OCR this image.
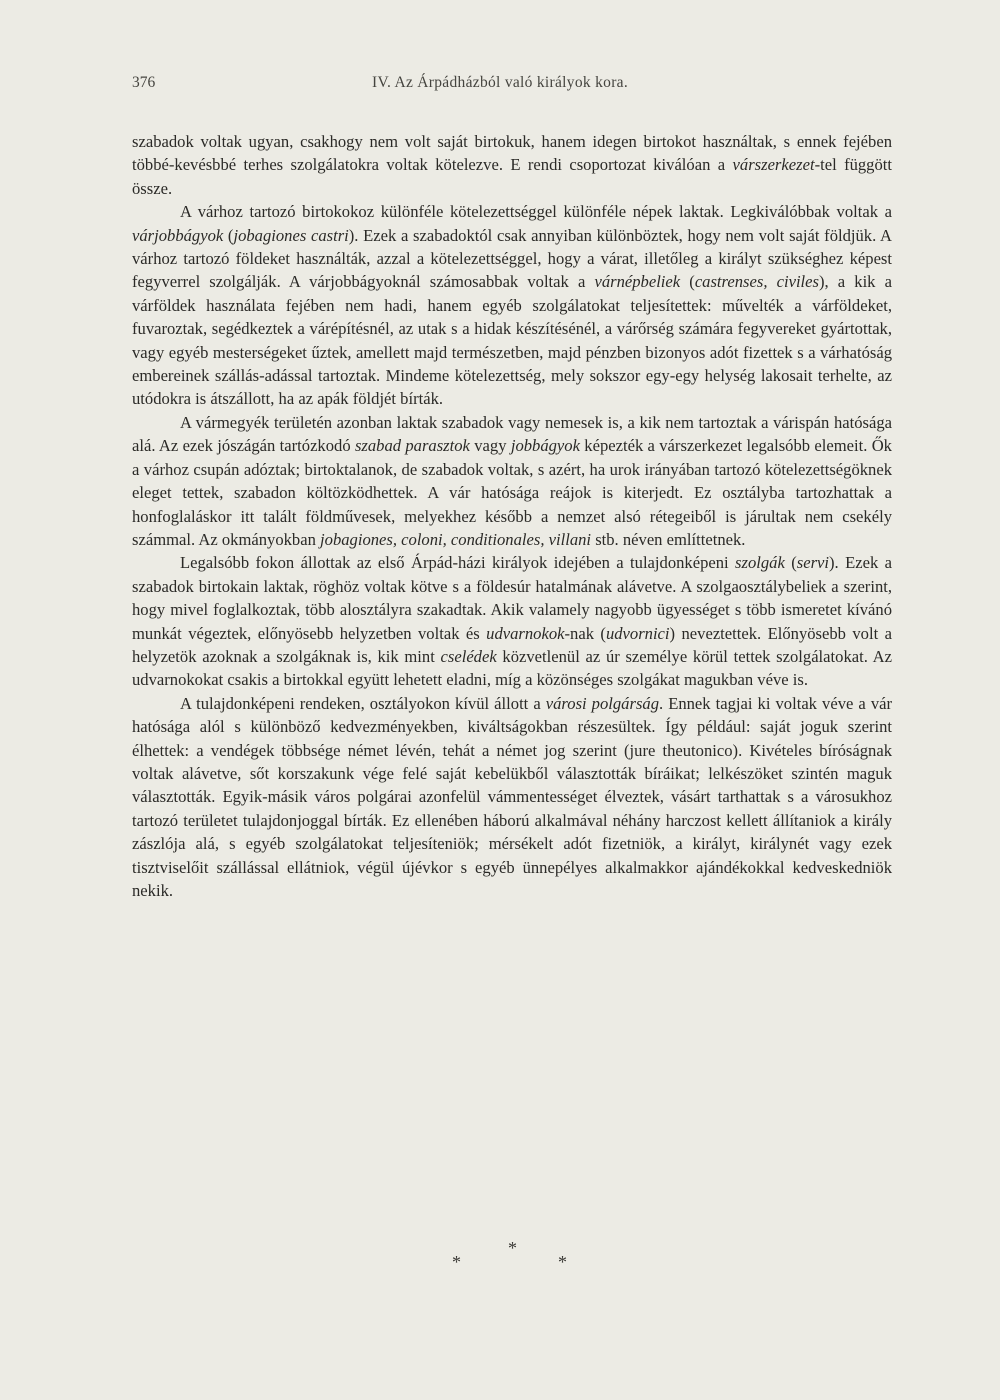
376	IV. Az Árpádházból való királyok kora.

szabadok voltak ugyan, csakhogy nem volt saját birtokuk, hanem idegen birtokot használtak, s ennek fejében többé-kevésbbé terhes szolgálatokra voltak kötelezve. E rendi csoportozat kiválóan a várszerkezet-tel függött össze.

A várhoz tartozó birtokokoz különféle kötelezettséggel különféle népek laktak. Legkiválóbbak voltak a várjobbágyok (jobagiones castri). Ezek a szabadoktól csak annyiban különböztek, hogy nem volt saját földjük. A várhoz tartozó földeket használták, azzal a kötelezettséggel, hogy a várat, illetőleg a királyt szükséghez képest fegyverrel szolgálják. A várjobbágyoknál számosabbak voltak a várnépbeliek (castrenses, civiles), a kik a várföldek használata fejében nem hadi, hanem egyéb szolgálatokat teljesítettek: művelték a várföldeket, fuvaroztak, segédkeztek a várépítésnél, az utak s a hidak készítésénél, a várőrség számára fegyvereket gyártottak, vagy egyéb mesterségeket űztek, amellett majd természetben, majd pénzben bizonyos adót fizettek s a várhatóság embereinek szállás-adással tartoztak. Mindeme kötelezettség, mely sokszor egy-egy helység lakosait terhelte, az utódokra is átszállott, ha az apák földjét bírták.

A vármegyék területén azonban laktak szabadok vagy nemesek is, a kik nem tartoztak a várispán hatósága alá. Az ezek jószágán tartózkodó szabad parasztok vagy jobbágyok képezték a várszerkezet legalsóbb elemeit. Ők a várhoz csupán adóztak; birtoktalanok, de szabadok voltak, s azért, ha urok irányában tartozó kötelezettségöknek eleget tettek, szabadon költözködhettek. A vár hatósága reájok is kiterjedt. Ez osztályba tartozhattak a honfoglaláskor itt talált földművesek, melyekhez később a nemzet alsó rétegeiből is járultak nem csekély számmal. Az okmányokban jobagiones, coloni, conditionales, villani stb. néven említtetnek.

Legalsóbb fokon állottak az első Árpád-házi királyok idejében a tulajdonképeni szolgák (servi). Ezek a szabadok birtokain laktak, röghöz voltak kötve s a földesúr hatalmának alávetve. A szolgaosztálybeliek a szerint, hogy mivel foglalkoztak, több alosztályra szakadtak. Akik valamely nagyobb ügyességet s több ismeretet kívánó munkát végeztek, előnyösebb helyzetben voltak és udvarnokok-nak (udvornici) neveztettek. Előnyösebb volt a helyzetök azoknak a szolgáknak is, kik mint cselédek közvetlenül az úr személye körül tettek szolgálatokat. Az udvarnokokat csakis a birtokkal együtt lehetett eladni, míg a közönséges szolgákat magukban véve is.

A tulajdonképeni rendeken, osztályokon kívül állott a városi polgárság. Ennek tagjai ki voltak véve a vár hatósága alól s különböző kedvezményekben, kiváltságokban részesültek. Így például: saját joguk szerint élhettek: a vendégek többsége német lévén, tehát a német jog szerint (jure theutonico). Kivételes bíróságnak voltak alávetve, sőt korszakunk vége felé saját kebelükből választották bíráikat; lelkészöket szintén maguk választották. Egyik-másik város polgárai azonfelül vámmentességet élveztek, vásárt tarthattak s a városukhoz tartozó területet tulajdonjoggal bírták. Ez ellenében háború alkalmával néhány harczost kellett állítaniok a király zászlója alá, s egyéb szolgálatokat teljesíteniök; mérsékelt adót fizetniök, a királyt, királynét vagy ezek tisztviselőit szállással ellátniok, végül újévkor s egyéb ünnepélyes alkalmakkor ajándékokkal kedveskedniök nekik.

*
*	*
